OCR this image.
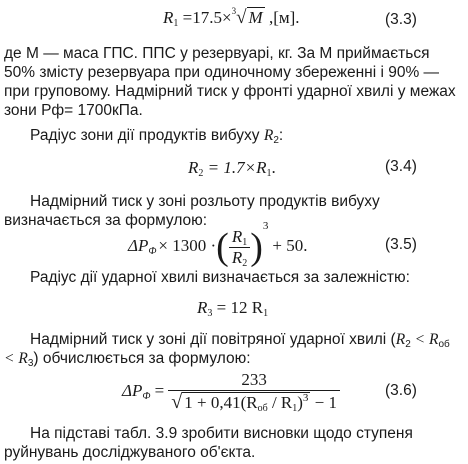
$R_1 =17.5\times^3√$ M ,[м].	(3.3)
де М — маса ГПС. ППС у резервуарі, кг. За М приймається 50% змісту резервуара при одиночному збереженні і 90% — при груповому. Надмірний тиск у фронті ударної хвилі у межах зони Pф= 1700кПа.
Радіус зони дії продуктів вибуху $R_2$:
$R_2 = 1.7\times R_1$.	(3.4)
Надмірний тиск у зоні розльоту продуктів вибуху визначається за формулою:
$\Delta P_Ф \times 1300$ ·( $\frac{R_1}{R_2} )^3+ 50$.	(3.5)
Радіус дії ударної хвилі визначається за залежністю:
$R_3 = 12$ $R_1$
Надмірний тиск у зоні дії повітряної ударної хвилі $(R_2 < R_{об} < R_3)$ обчислюється за формулою:
$\Delta P_Ф = \frac{233}{√ 1 + 0,41(R_{об} / R_1)^3 - 1}$	(3.6)
На підставі табл. 3.9 зробити висновки щодо ступеня руйнувань досліджуваного об'єкта.
